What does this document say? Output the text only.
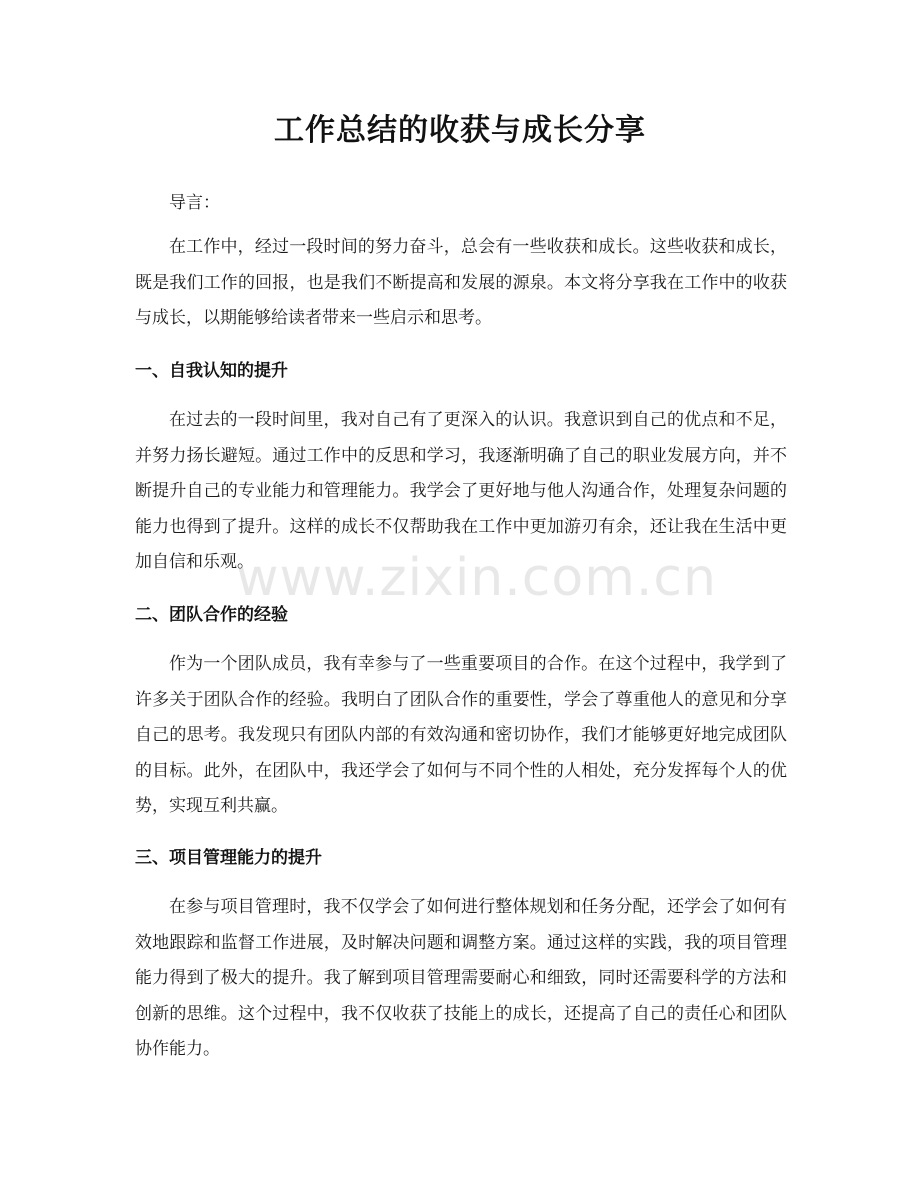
工作总结的收获与成长分享

导言：

在工作中，经过一段时间的努力奋斗，总会有一些收获和成长。这些收获和成长，既是我们工作的回报，也是我们不断提高和发展的源泉。本文将分享我在工作中的收获与成长，以期能够给读者带来一些启示和思考。

一、自我认知的提升

在过去的一段时间里，我对自己有了更深入的认识。我意识到自己的优点和不足，并努力扬长避短。通过工作中的反思和学习，我逐渐明确了自己的职业发展方向，并不断提升自己的专业能力和管理能力。我学会了更好地与他人沟通合作，处理复杂问题的能力也得到了提升。这样的成长不仅帮助我在工作中更加游刃有余，还让我在生活中更加自信和乐观。

二、团队合作的经验

作为一个团队成员，我有幸参与了一些重要项目的合作。在这个过程中，我学到了许多关于团队合作的经验。我明白了团队合作的重要性，学会了尊重他人的意见和分享自己的思考。我发现只有团队内部的有效沟通和密切协作，我们才能够更好地完成团队的目标。此外，在团队中，我还学会了如何与不同个性的人相处，充分发挥每个人的优势，实现互利共赢。

三、项目管理能力的提升

在参与项目管理时，我不仅学会了如何进行整体规划和任务分配，还学会了如何有效地跟踪和监督工作进展，及时解决问题和调整方案。通过这样的实践，我的项目管理能力得到了极大的提升。我了解到项目管理需要耐心和细致，同时还需要科学的方法和创新的思维。这个过程中，我不仅收获了技能上的成长，还提高了自己的责任心和团队协作能力。

www.zixin.com.cn
